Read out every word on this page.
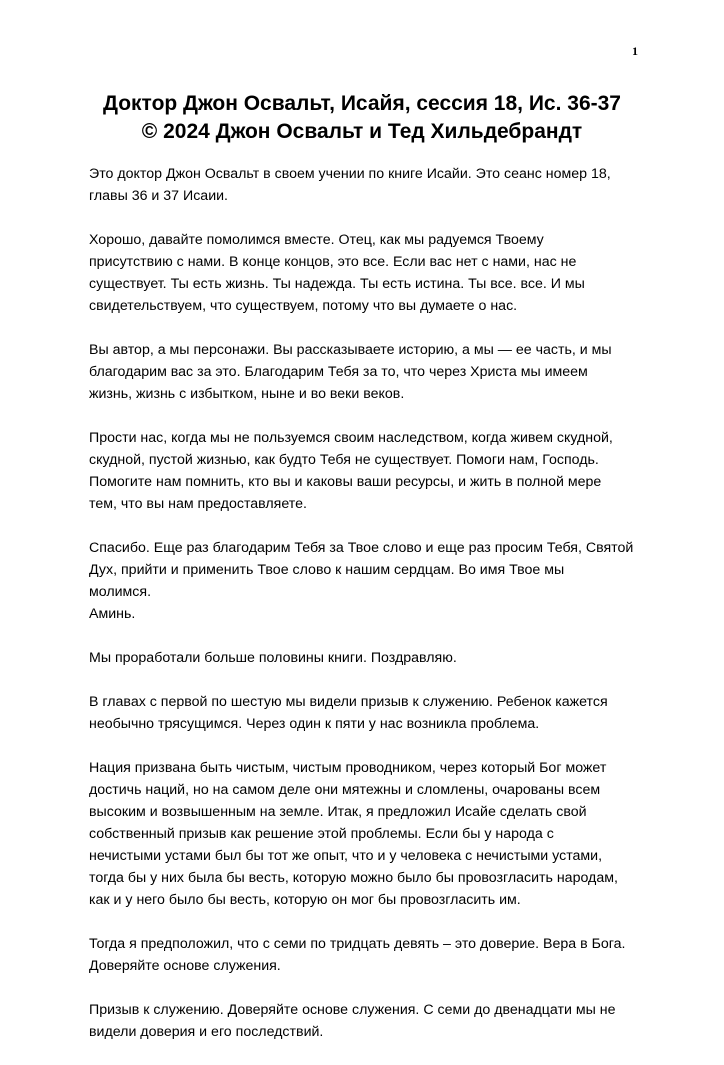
1
Доктор Джон Освальт, Исайя, сессия 18, Ис. 36-37
© 2024 Джон Освальт и Тед Хильдебрандт

Это доктор Джон Освальт в своем учении по книге Исайи. Это сеанс номер 18,
главы 36 и 37 Исаии.

Хорошо, давайте помолимся вместе. Отец, как мы радуемся Твоему
присутствию с нами. В конце концов, это все. Если вас нет с нами, нас не
существует. Ты есть жизнь. Ты надежда. Ты есть истина. Ты все. все. И мы
свидетельствуем, что существуем, потому что вы думаете о нас.

Вы автор, а мы персонажи. Вы рассказываете историю, а мы — ее часть, и мы
благодарим вас за это. Благодарим Тебя за то, что через Христа мы имеем
жизнь, жизнь с избытком, ныне и во веки веков.

Прости нас, когда мы не пользуемся своим наследством, когда живем скудной,
скудной, пустой жизнью, как будто Тебя не существует. Помоги нам, Господь.
Помогите нам помнить, кто вы и каковы ваши ресурсы, и жить в полной мере
тем, что вы нам предоставляете.

Спасибо. Еще раз благодарим Тебя за Твое слово и еще раз просим Тебя, Святой
Дух, прийти и применить Твое слово к нашим сердцам. Во имя Твое мы
молимся.
Аминь.

Мы проработали больше половины книги. Поздравляю.

В главах с первой по шестую мы видели призыв к служению. Ребенок кажется
необычно трясущимся. Через один к пяти у нас возникла проблема.

Нация призвана быть чистым, чистым проводником, через который Бог может
достичь наций, но на самом деле они мятежны и сломлены, очарованы всем
высоким и возвышенным на земле. Итак, я предложил Исайе сделать свой
собственный призыв как решение этой проблемы. Если бы у народа с
нечистыми устами был бы тот же опыт, что и у человека с нечистыми устами,
тогда бы у них была бы весть, которую можно было бы провозгласить народам,
как и у него было бы весть, которую он мог бы провозгласить им.

Тогда я предположил, что с семи по тридцать девять – это доверие. Вера в Бога.
Доверяйте основе служения.

Призыв к служению. Доверяйте основе служения. С семи до двенадцати мы не
видели доверия и его последствий.
